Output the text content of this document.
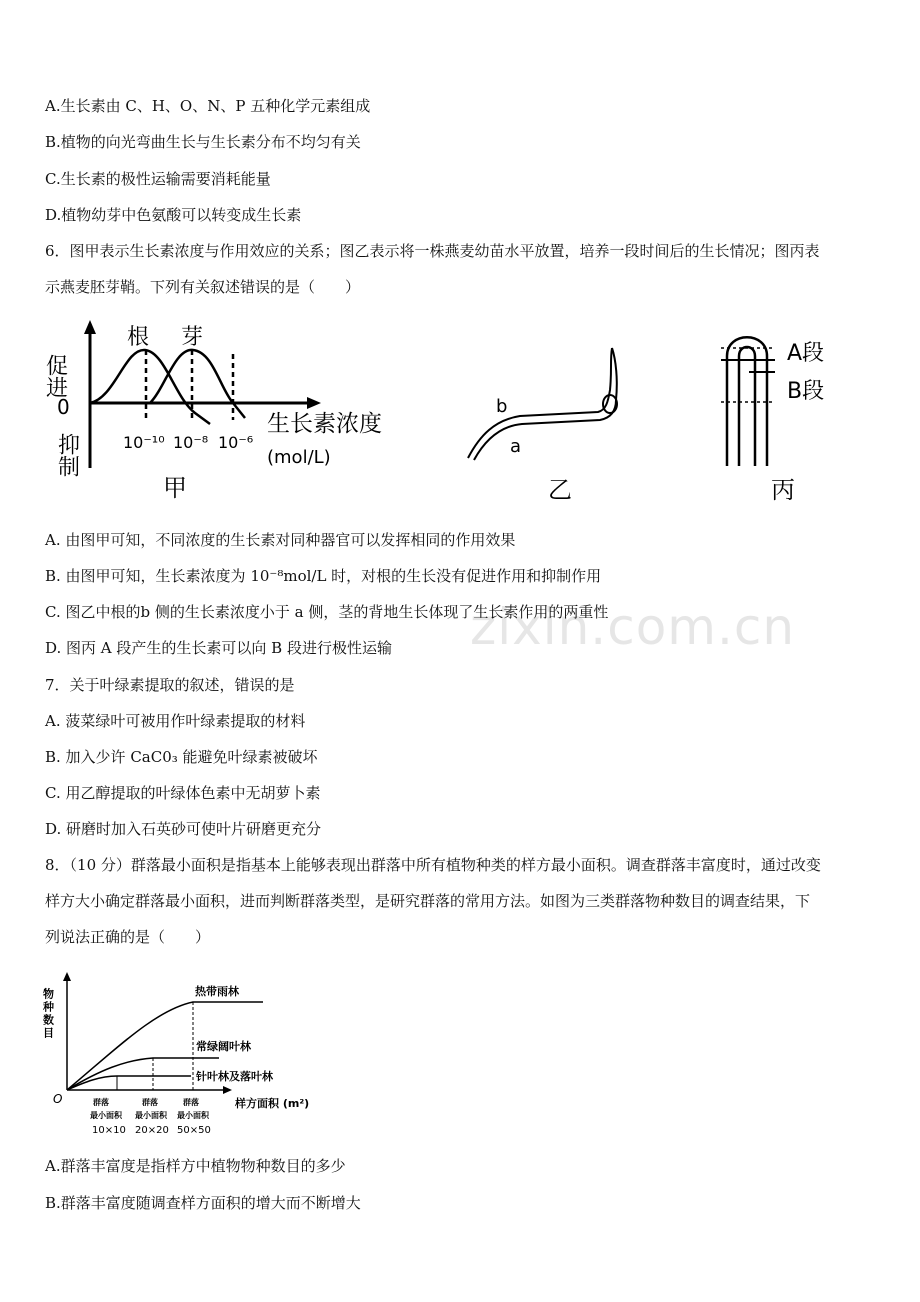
zixin.com.cn
A.生长素由 C、H、O、N、P 五种化学元素组成
B.植物的向光弯曲生长与生长素分布不均匀有关
C.生长素的极性运输需要消耗能量
D.植物幼芽中色氨酸可以转变成生长素
6．图甲表示生长素浓度与作用效应的关系；图乙表示将一株燕麦幼苗水平放置，培养一段时间后的生长情况；图丙表
示燕麦胚芽鞘。下列有关叙述错误的是（　　）
促进
抑制
0
根 芽
10⁻¹⁰ 10⁻⁸ 10⁻⁶
生长素浓度
(mol/L)
甲
b
a
乙
A段
B段
丙
A. 由图甲可知，不同浓度的生长素对同种器官可以发挥相同的作用效果
B. 由图甲可知，生长素浓度为 10⁻⁸mol/L 时，对根的生长没有促进作用和抑制作用
C. 图乙中根的b 侧的生长素浓度小于 a 侧，茎的背地生长体现了生长素作用的两重性
D. 图丙 A 段产生的生长素可以向 B 段进行极性运输
7．关于叶绿素提取的叙述，错误的是
A. 菠菜绿叶可被用作叶绿素提取的材料
B. 加入少许 CaC0₃ 能避免叶绿素被破坏
C. 用乙醇提取的叶绿体色素中无胡萝卜素
D. 研磨时加入石英砂可使叶片研磨更充分
8．（10 分）群落最小面积是指基本上能够表现出群落中所有植物种类的样方最小面积。调查群落丰富度时，通过改变
样方大小确定群落最小面积，进而判断群落类型，是研究群落的常用方法。如图为三类群落物种数目的调查结果，下
列说法正确的是（　　）
物种数目
O
热带雨林
常绿阔叶林
针叶林及落叶林
样方面积 (m²)
群落
最小面积
10×10
群落
最小面积
20×20
群落
最小面积
50×50
A.群落丰富度是指样方中植物物种数目的多少
B.群落丰富度随调查样方面积的增大而不断增大
